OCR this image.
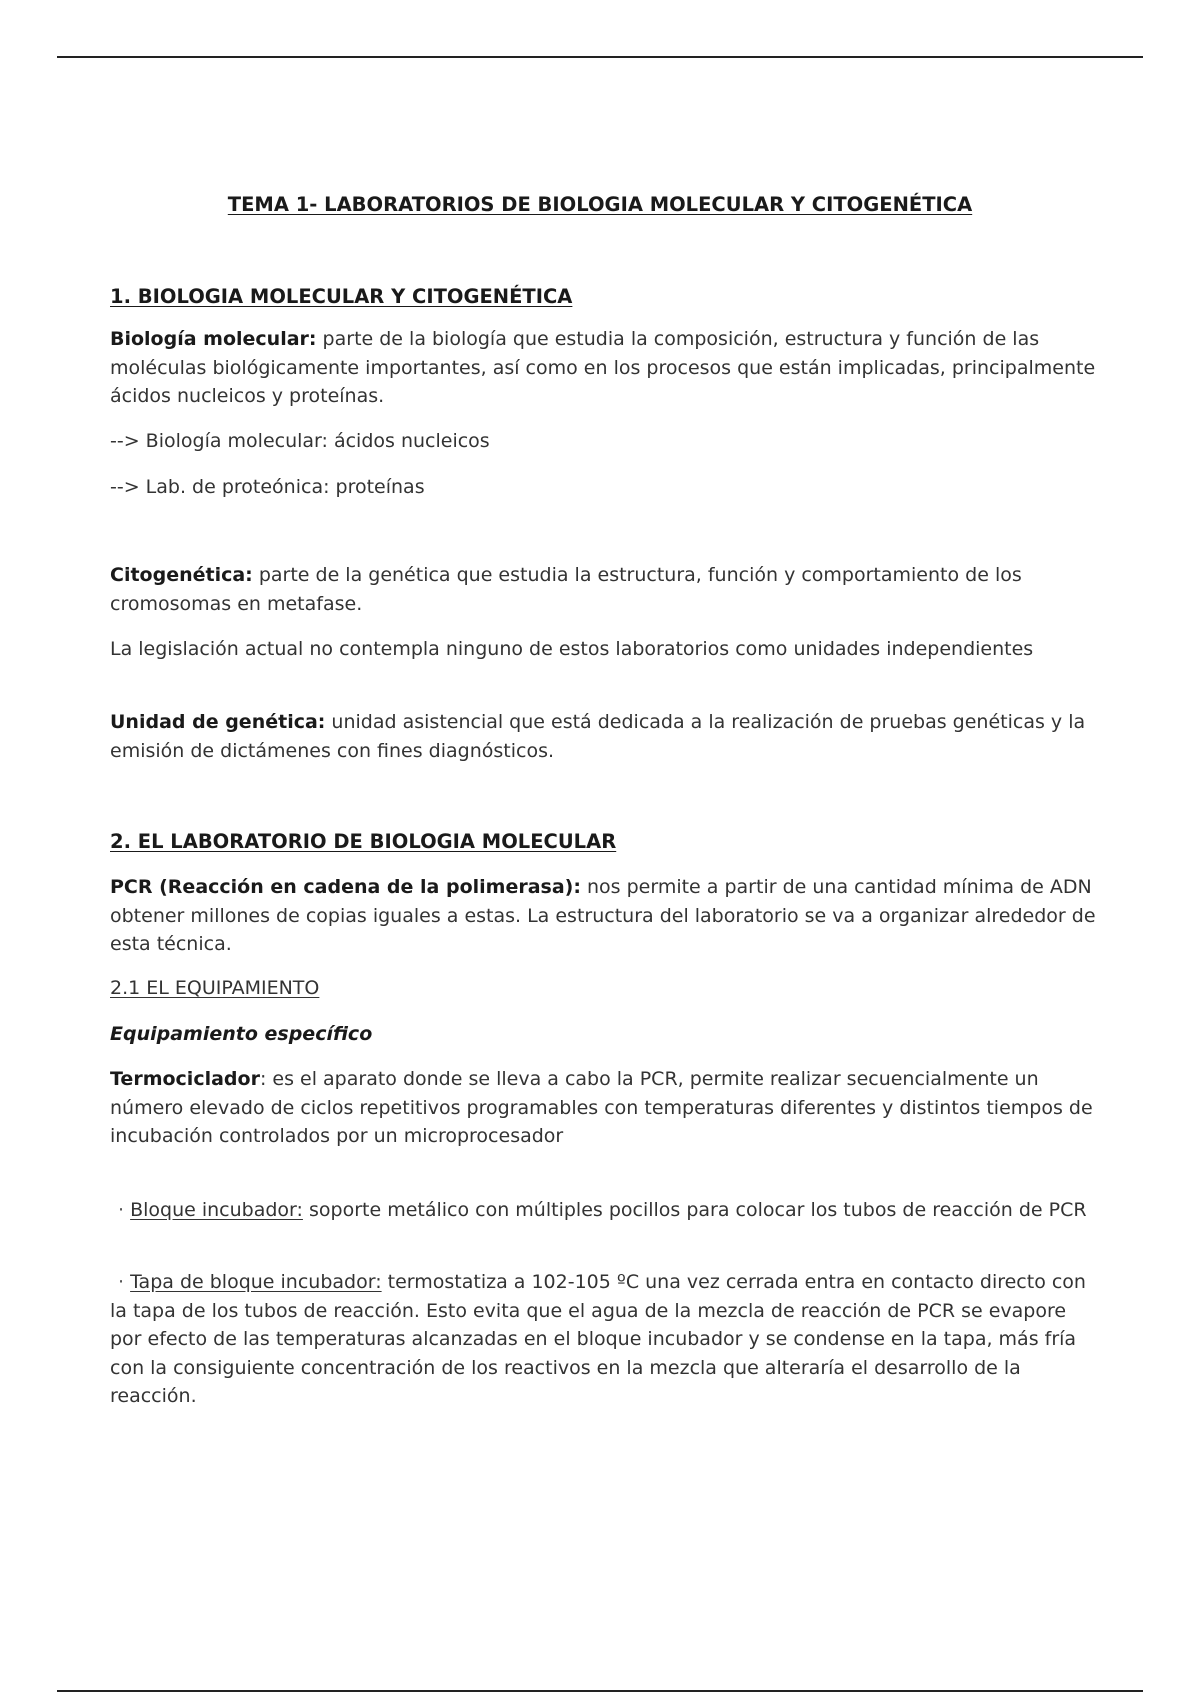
TEMA 1- LABORATORIOS DE BIOLOGIA MOLECULAR Y CITOGENÉTICA

1. BIOLOGIA MOLECULAR Y CITOGENÉTICA

Biología molecular: parte de la biología que estudia la composición, estructura y función de las moléculas biológicamente importantes, así como en los procesos que están implicadas, principalmente ácidos nucleicos y proteínas.

--> Biología molecular: ácidos nucleicos

--> Lab. de proteónica: proteínas

Citogenética: parte de la genética que estudia la estructura, función y comportamiento de los cromosomas en metafase.

La legislación actual no contempla ninguno de estos laboratorios como unidades independientes

Unidad de genética: unidad asistencial que está dedicada a la realización de pruebas genéticas y la emisión de dictámenes con fines diagnósticos.

2. EL LABORATORIO DE BIOLOGIA MOLECULAR

PCR (Reacción en cadena de la polimerasa): nos permite a partir de una cantidad mínima de ADN obtener millones de copias iguales a estas. La estructura del laboratorio se va a organizar alrededor de esta técnica.

2.1 EL EQUIPAMIENTO

Equipamiento específico

Termociclador: es el aparato donde se lleva a cabo la PCR, permite realizar secuencialmente un número elevado de ciclos repetitivos programables con temperaturas diferentes y distintos tiempos de incubación controlados por un microprocesador

· Bloque incubador: soporte metálico con múltiples pocillos para colocar los tubos de reacción de PCR

· Tapa de bloque incubador: termostatiza a 102-105 ºC una vez cerrada entra en contacto directo con la tapa de los tubos de reacción. Esto evita que el agua de la mezcla de reacción de PCR se evapore por efecto de las temperaturas alcanzadas en el bloque incubador y se condense en la tapa, más fría con la consiguiente concentración de los reactivos en la mezcla que alteraría el desarrollo de la reacción.
